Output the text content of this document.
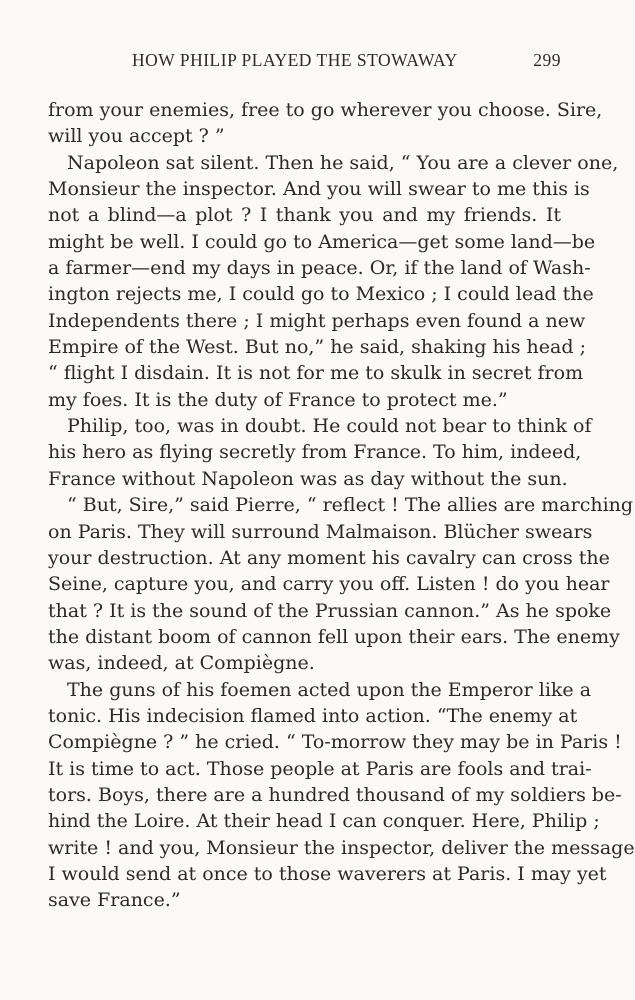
HOW PHILIP PLAYED THE STOWAWAY	299
from your enemies, free to go wherever you choose. Sire,
will you accept ? ”
Napoleon sat silent. Then he said, “ You are a clever one,
Monsieur the inspector. And you will swear to me this is
not a blind—a plot ? I thank you and my friends. It
might be well. I could go to America—get some land—be
a farmer—end my days in peace. Or, if the land of Wash-
ington rejects me, I could go to Mexico ; I could lead the
Independents there ; I might perhaps even found a new
Empire of the West. But no,” he said, shaking his head ;
“ flight I disdain. It is not for me to skulk in secret from
my foes. It is the duty of France to protect me.”
Philip, too, was in doubt. He could not bear to think of
his hero as flying secretly from France. To him, indeed,
France without Napoleon was as day without the sun.
“ But, Sire,” said Pierre, “ reflect ! The allies are marching
on Paris. They will surround Malmaison. Blücher swears
your destruction. At any moment his cavalry can cross the
Seine, capture you, and carry you off. Listen ! do you hear
that ? It is the sound of the Prussian cannon.” As he spoke
the distant boom of cannon fell upon their ears. The enemy
was, indeed, at Compiègne.
The guns of his foemen acted upon the Emperor like a
tonic. His indecision flamed into action. “The enemy at
Compiègne ? ” he cried. “ To-morrow they may be in Paris !
It is time to act. Those people at Paris are fools and trai-
tors. Boys, there are a hundred thousand of my soldiers be-
hind the Loire. At their head I can conquer. Here, Philip ;
write ! and you, Monsieur the inspector, deliver the message
I would send at once to those waverers at Paris. I may yet
save France.”
